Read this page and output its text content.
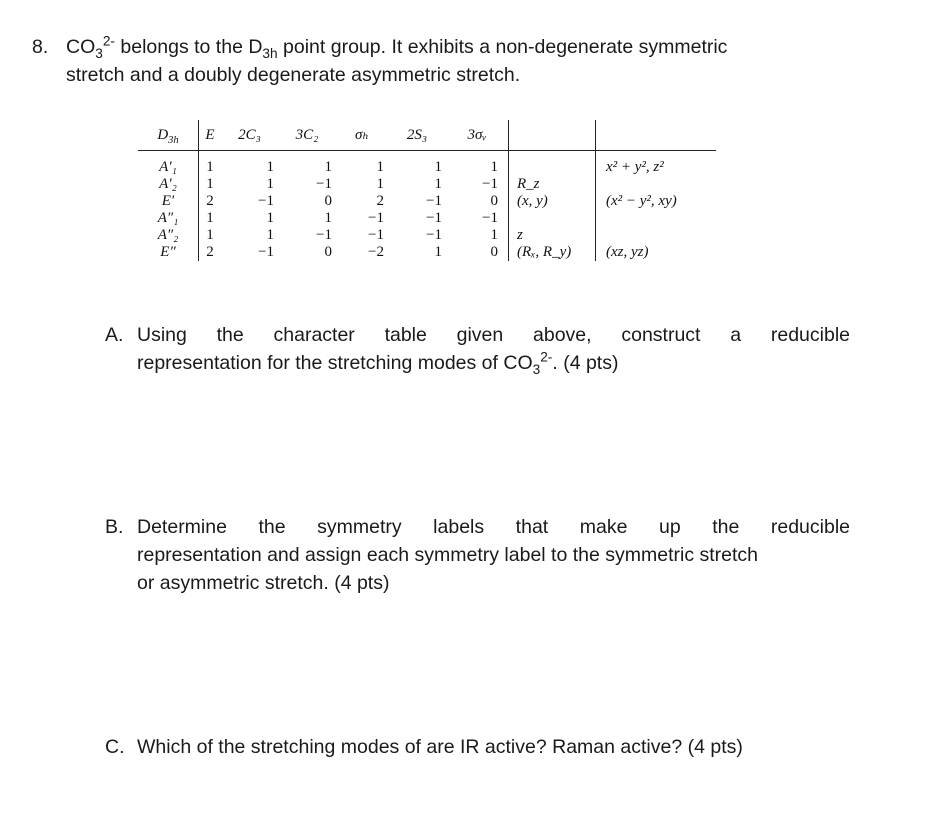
8. $CO_3^{2-}$ belongs to the $D_{3h}$ point group. It exhibits a non-degenerate symmetric
stretch and a doubly degenerate asymmetric stretch.
$D_{3h}$	E	2C₃	3C₂	σₕ	2S₃	3σᵥ		
A′₁	1	1	1	1	1	1		x² + y², z²
A′₂	1	1	−1	1	1	−1	R_z	
E′	2	−1	0	2	−1	0	(x, y)	(x² − y², xy)
A″₁	1	1	1	−1	−1	−1		
A″₂	1	1	−1	−1	−1	1	z	
E″	2	−1	0	−2	1	0	(Rₓ, R_y)	(xz, yz)
A. Using the character table given above, construct a reducible
representation for the stretching modes of $CO_3^{2-}$. (4 pts)
B. Determine the symmetry labels that make up the reducible
representation and assign each symmetry label to the symmetric stretch
or asymmetric stretch. (4 pts)
C. Which of the stretching modes of are IR active? Raman active? (4 pts)
